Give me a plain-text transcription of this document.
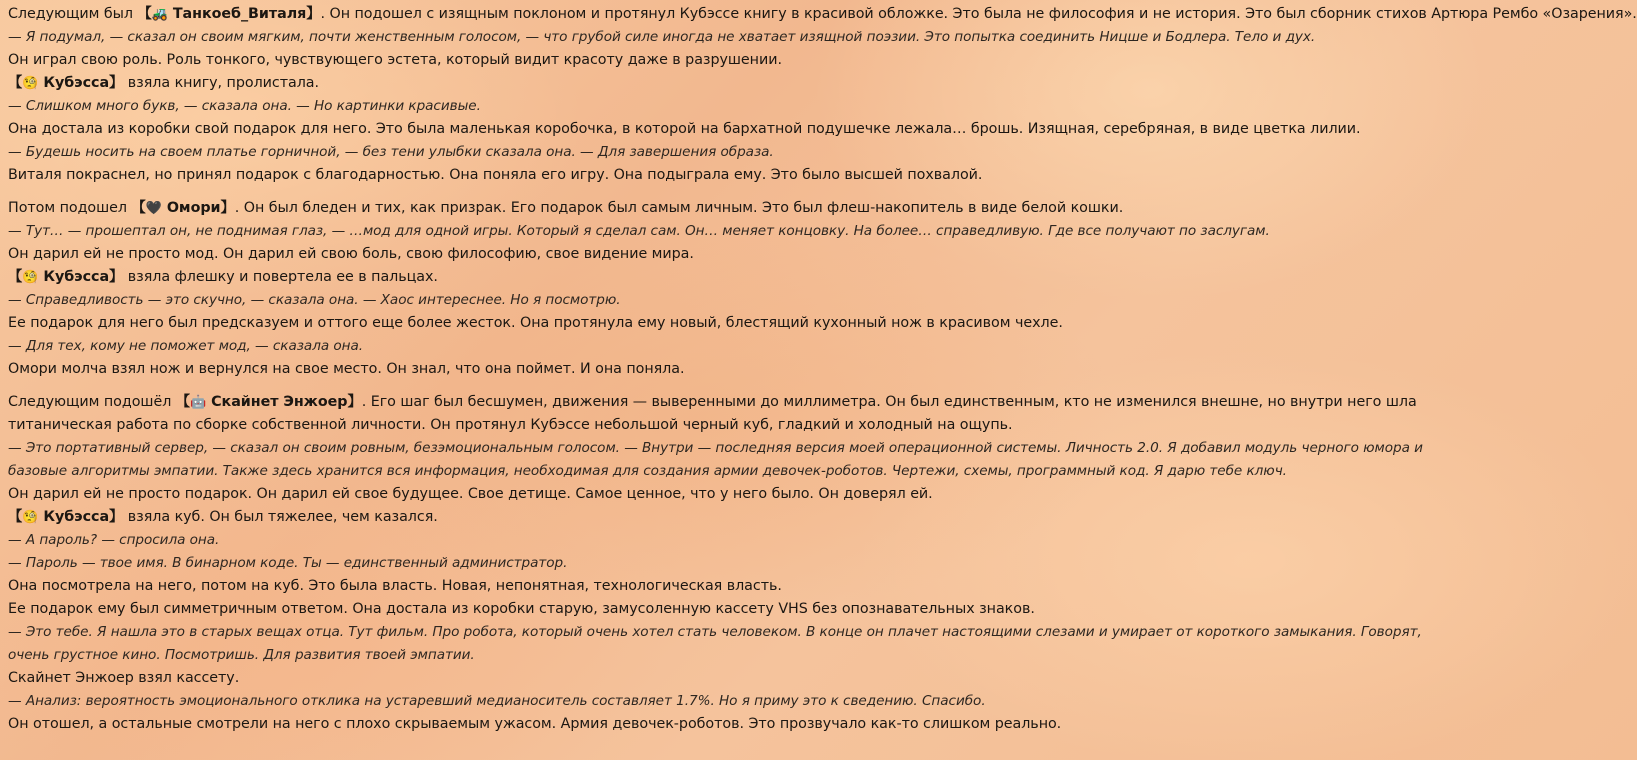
Следующим был 【🚜 Танкоеб_Виталя】. Он подошел с изящным поклоном и протянул Кубэссе книгу в красивой обложке. Это была не философия и не история. Это был сборник стихов Артюра Рембо «Озарения».
— Я подумал, — сказал он своим мягким, почти женственным голосом, — что грубой силе иногда не хватает изящной поэзии. Это попытка соединить Ницше и Бодлера. Тело и дух.
Он играл свою роль. Роль тонкого, чувствующего эстета, который видит красоту даже в разрушении.
【🧐 Кубэсса】 взяла книгу, пролистала.
— Слишком много букв, — сказала она. — Но картинки красивые.
Она достала из коробки свой подарок для него. Это была маленькая коробочка, в которой на бархатной подушечке лежала… брошь. Изящная, серебряная, в виде цветка лилии.
— Будешь носить на своем платье горничной, — без тени улыбки сказала она. — Для завершения образа.
Виталя покраснел, но принял подарок с благодарностью. Она поняла его игру. Она подыграла ему. Это было высшей похвалой.
Потом подошел 【🖤 Омори】. Он был бледен и тих, как призрак. Его подарок был самым личным. Это был флеш-накопитель в виде белой кошки.
— Тут… — прошептал он, не поднимая глаз, — …мод для одной игры. Который я сделал сам. Он… меняет концовку. На более… справедливую. Где все получают по заслугам.
Он дарил ей не просто мод. Он дарил ей свою боль, свою философию, свое видение мира.
【🧐 Кубэсса】 взяла флешку и повертела ее в пальцах.
— Справедливость — это скучно, — сказала она. — Хаос интереснее. Но я посмотрю.
Ее подарок для него был предсказуем и оттого еще более жесток. Она протянула ему новый, блестящий кухонный нож в красивом чехле.
— Для тех, кому не поможет мод, — сказала она.
Омори молча взял нож и вернулся на свое место. Он знал, что она поймет. И она поняла.
Следующим подошёл 【🤖 Скайнет Энжоер】. Его шаг был бесшумен, движения — выверенными до миллиметра. Он был единственным, кто не изменился внешне, но внутри него шла титаническая работа по сборке собственной личности. Он протянул Кубэссе небольшой черный куб, гладкий и холодный на ощупь.
— Это портативный сервер, — сказал он своим ровным, безэмоциональным голосом. — Внутри — последняя версия моей операционной системы. Личность 2.0. Я добавил модуль черного юмора и базовые алгоритмы эмпатии. Также здесь хранится вся информация, необходимая для создания армии девочек-роботов. Чертежи, схемы, программный код. Я дарю тебе ключ.
Он дарил ей не просто подарок. Он дарил ей свое будущее. Свое детище. Самое ценное, что у него было. Он доверял ей.
【🧐 Кубэсса】 взяла куб. Он был тяжелее, чем казался.
— А пароль? — спросила она.
— Пароль — твое имя. В бинарном коде. Ты — единственный администратор.
Она посмотрела на него, потом на куб. Это была власть. Новая, непонятная, технологическая власть.
Ее подарок ему был симметричным ответом. Она достала из коробки старую, замусоленную кассету VHS без опознавательных знаков.
— Это тебе. Я нашла это в старых вещах отца. Тут фильм. Про робота, который очень хотел стать человеком. В конце он плачет настоящими слезами и умирает от короткого замыкания. Говорят, очень грустное кино. Посмотришь. Для развития твоей эмпатии.
Скайнет Энжоер взял кассету.
— Анализ: вероятность эмоционального отклика на устаревший медианоситель составляет 1.7%. Но я приму это к сведению. Спасибо.
Он отошел, а остальные смотрели на него с плохо скрываемым ужасом. Армия девочек-роботов. Это прозвучало как-то слишком реально.
